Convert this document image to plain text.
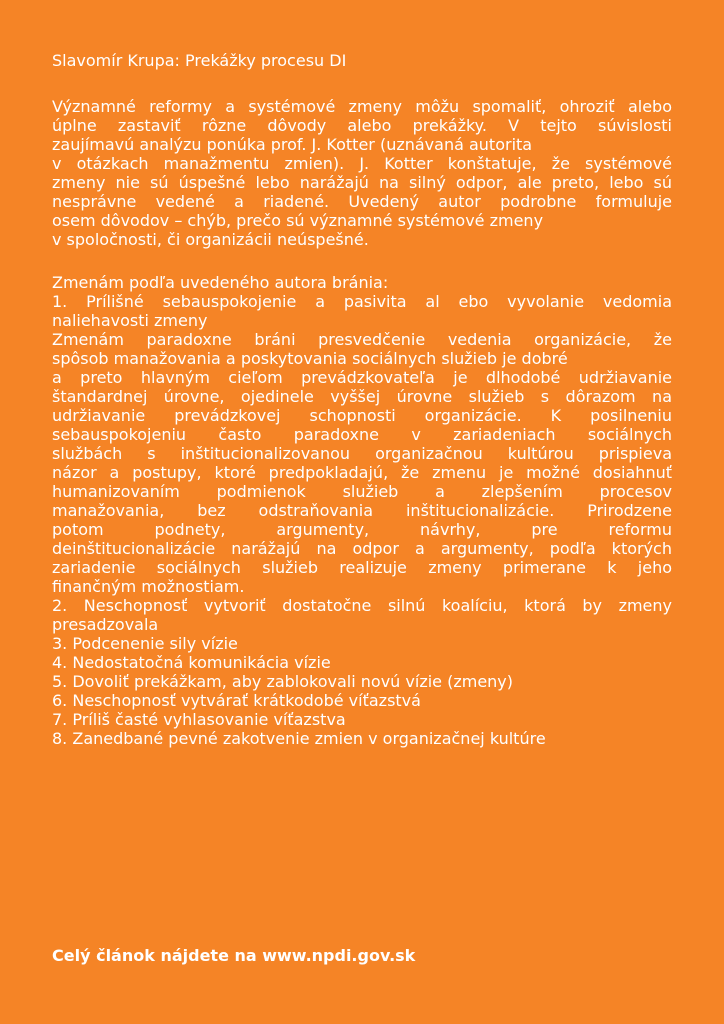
Slavomír Krupa: Prekážky procesu DI
Významné reformy a systémové zmeny môžu spomaliť, ohroziť alebo
úplne zastaviť rôzne dôvody alebo prekážky. V tejto súvislosti
zaujímavú analýzu ponúka prof. J. Kotter (uznávaná autorita
v otázkach manažmentu zmien). J. Kotter konštatuje, že systémové
zmeny nie sú úspešné lebo narážajú na silný odpor, ale preto, lebo sú
nesprávne vedené a riadené. Uvedený autor podrobne formuluje
osem dôvodov – chýb, prečo sú významné systémové zmeny
v spoločnosti, či organizácii neúspešné.
Zmenám podľa uvedeného autora bránia:
1. Prílišné sebauspokojenie a pasivita al ebo vyvolanie vedomia
naliehavosti zmeny
Zmenám paradoxne bráni presvedčenie vedenia organizácie, že
spôsob manažovania a poskytovania sociálnych služieb je dobré
a preto hlavným cieľom prevádzkovateľa je dlhodobé udržiavanie
štandardnej úrovne, ojedinele vyššej úrovne služieb s dôrazom na
udržiavanie prevádzkovej schopnosti organizácie. K posilneniu
sebauspokojeniu často paradoxne v zariadeniach sociálnych
službách s inštitucionalizovanou organizačnou kultúrou prispieva
názor a postupy, ktoré predpokladajú, že zmenu je možné dosiahnuť
humanizovaním podmienok služieb a zlepšením procesov
manažovania, bez odstraňovania inštitucionalizácie. Prirodzene
potom podnety, argumenty, návrhy, pre reformu
deinštitucionalizácie narážajú na odpor a argumenty, podľa ktorých
zariadenie sociálnych služieb realizuje zmeny primerane k jeho
finančným možnostiam.
2. Neschopnosť vytvoriť dostatočne silnú koalíciu, ktorá by zmeny
presadzovala
3. Podcenenie sily vízie
4. Nedostatočná komunikácia vízie
5. Dovoliť prekážkam, aby zablokovali novú vízie (zmeny)
6. Neschopnosť vytvárať krátkodobé víťazstvá
7. Príliš časté vyhlasovanie víťazstva
8. Zanedbané pevné zakotvenie zmien v organizačnej kultúre

Celý článok nájdete na www.npdi.gov.sk
